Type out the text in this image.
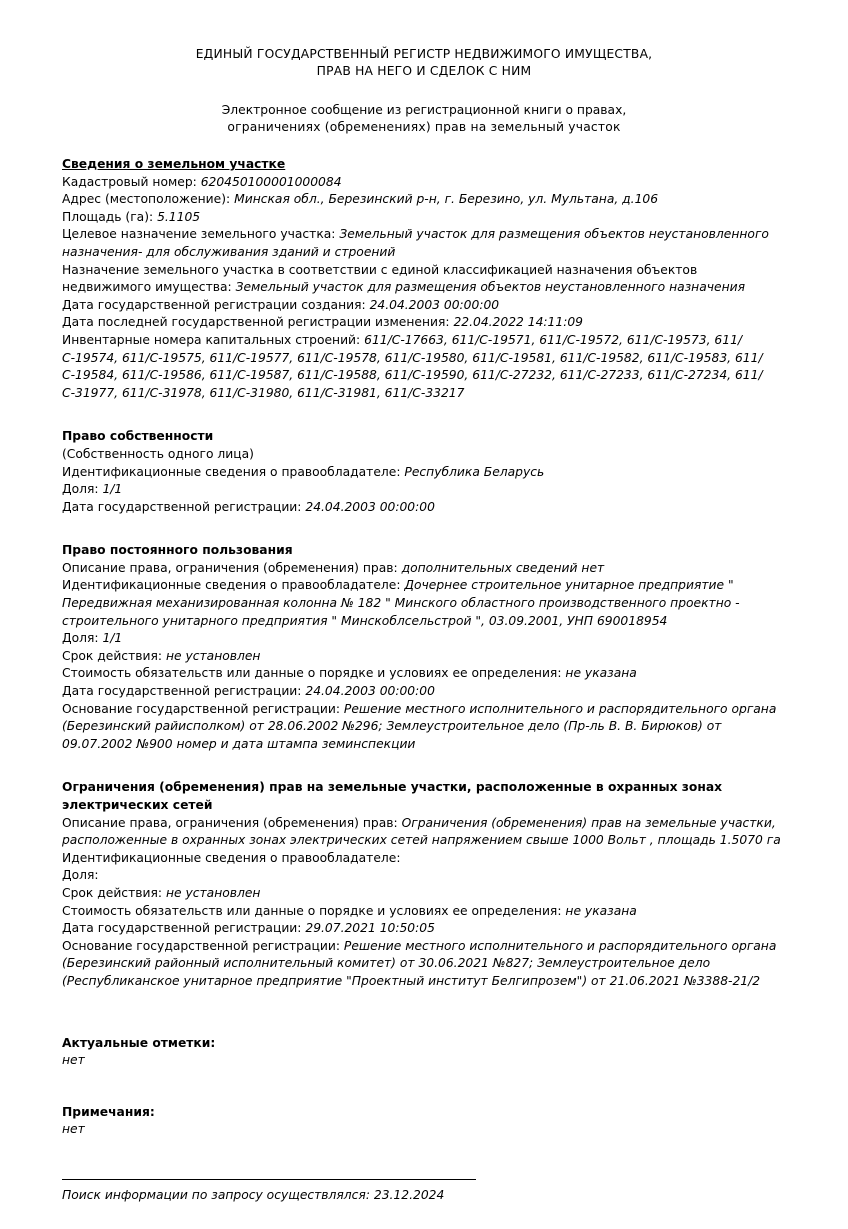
ЕДИНЫЙ ГОСУДАРСТВЕННЫЙ РЕГИСТР НЕДВИЖИМОГО ИМУЩЕСТВА,
ПРАВ НА НЕГО И СДЕЛОК С НИМ
Электронное сообщение из регистрационной книги о правах,
ограничениях (обременениях) прав на земельный участок
Сведения о земельном участке
Кадастровый номер: 620450100001000084
Адрес (местоположение): Минская обл., Березинский р-н, г. Березино, ул. Мультана, д.106
Площадь (га): 5.1105
Целевое назначение земельного участка: Земельный участок для размещения объектов неустановленного назначения- для обслуживания зданий и строений
Назначение земельного участка в соответствии с единой классификацией назначения объектов недвижимого имущества: Земельный участок для размещения объектов неустановленного назначения
Дата государственной регистрации создания: 24.04.2003 00:00:00
Дата последней государственной регистрации изменения: 22.04.2022 14:11:09
Инвентарные номера капитальных строений: 611/С-17663, 611/С-19571, 611/С-19572, 611/С-19573, 611/С-19574, 611/С-19575, 611/С-19577, 611/С-19578, 611/С-19580, 611/С-19581, 611/С-19582, 611/С-19583, 611/С-19584, 611/С-19586, 611/С-19587, 611/С-19588, 611/С-19590, 611/С-27232, 611/С-27233, 611/С-27234, 611/С-31977, 611/С-31978, 611/С-31980, 611/С-31981, 611/С-33217
Право собственности
(Собственность одного лица)
Идентификационные сведения о правообладателе: Республика Беларусь
Доля: 1/1
Дата государственной регистрации: 24.04.2003 00:00:00
Право постоянного пользования
Описание права, ограничения (обременения) прав: дополнительных сведений нет
Идентификационные сведения о правообладателе: Дочернее строительное унитарное предприятие " Передвижная механизированная колонна № 182 " Минского областного производственного проектно - строительного унитарного предприятия " Минскоблсельстрой ", 03.09.2001, УНП 690018954
Доля: 1/1
Срок действия: не установлен
Стоимость обязательств или данные о порядке и условиях ее определения: не указана
Дата государственной регистрации: 24.04.2003 00:00:00
Основание государственной регистрации: Решение местного исполнительного и распорядительного органа (Березинский райисполком) от 28.06.2002 №296; Землеустроительное дело (Пр-ль В. В. Бирюков) от 09.07.2002 №900 номер и дата штампа земинспекции
Ограничения (обременения) прав на земельные участки, расположенные в охранных зонах
электрических сетей
Описание права, ограничения (обременения) прав: Ограничения (обременения) прав на земельные участки, расположенные в охранных зонах электрических сетей напряжением свыше 1000 Вольт , площадь 1.5070 га
Идентификационные сведения о правообладателе:
Доля:
Срок действия: не установлен
Стоимость обязательств или данные о порядке и условиях ее определения: не указана
Дата государственной регистрации: 29.07.2021 10:50:05
Основание государственной регистрации: Решение местного исполнительного и распорядительного органа (Березинский районный исполнительный комитет) от 30.06.2021 №827; Землеустроительное дело (Республиканское унитарное предприятие "Проектный институт Белгипрозем") от 21.06.2021 №3388-21/2
Актуальные отметки:
нет
Примечания:
нет
Поиск информации по запросу осуществлялся: 23.12.2024
